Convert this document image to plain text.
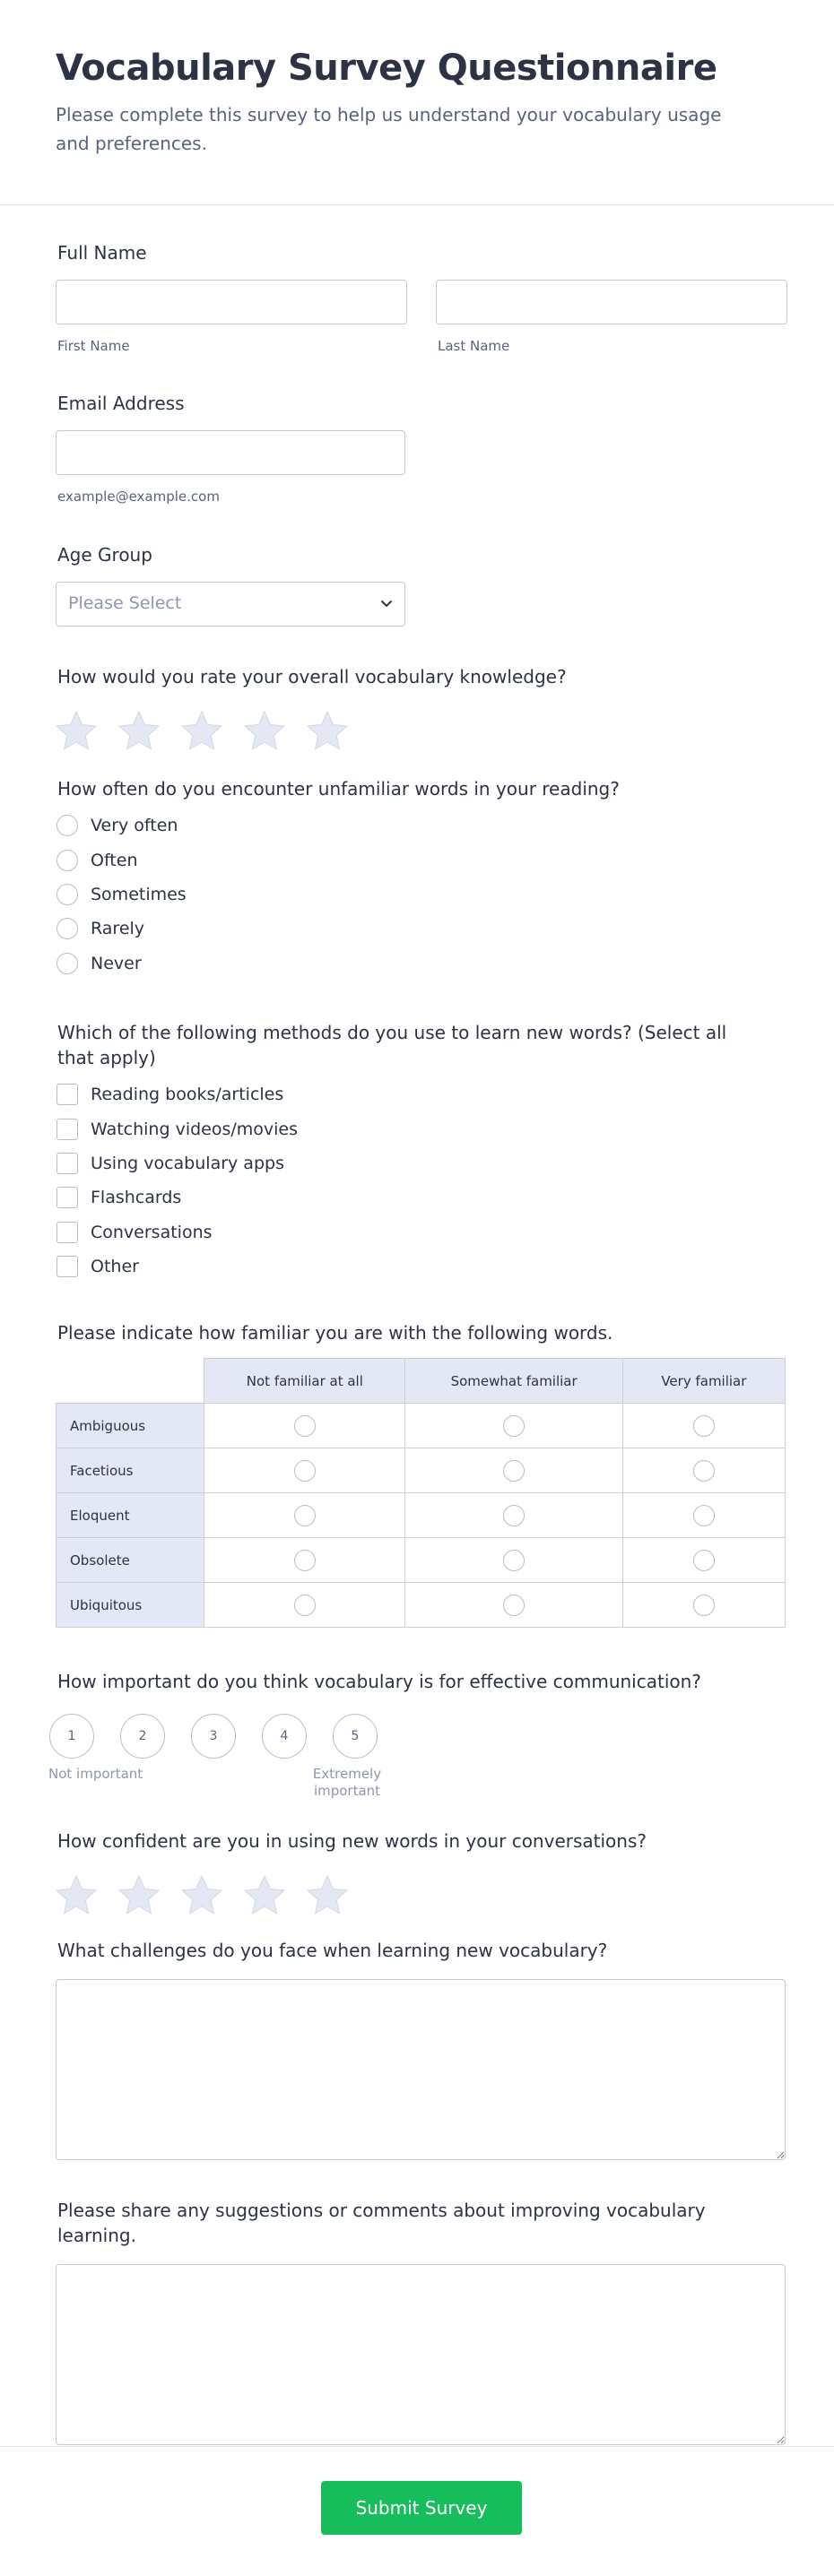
Vocabulary Survey Questionnaire

Please complete this survey to help us understand your vocabulary usage and preferences.

Full Name
First Name	Last Name
Email Address
example@example.com
Age Group
Please Select
How would you rate your overall vocabulary knowledge?
How often do you encounter unfamiliar words in your reading?
Very often
Often
Sometimes
Rarely
Never
Which of the following methods do you use to learn new words? (Select all that apply)
Reading books/articles
Watching videos/movies
Using vocabulary apps
Flashcards
Conversations
Other
Please indicate how familiar you are with the following words.
	Not familiar at all	Somewhat familiar	Very familiar
Ambiguous			
Facetious			
Eloquent			
Obsolete			
Ubiquitous			
How important do you think vocabulary is for effective communication?
1	2	3	4	5
Not important	Extremely important
How confident are you in using new words in your conversations?
What challenges do you face when learning new vocabulary?
Please share any suggestions or comments about improving vocabulary learning.
Submit Survey
